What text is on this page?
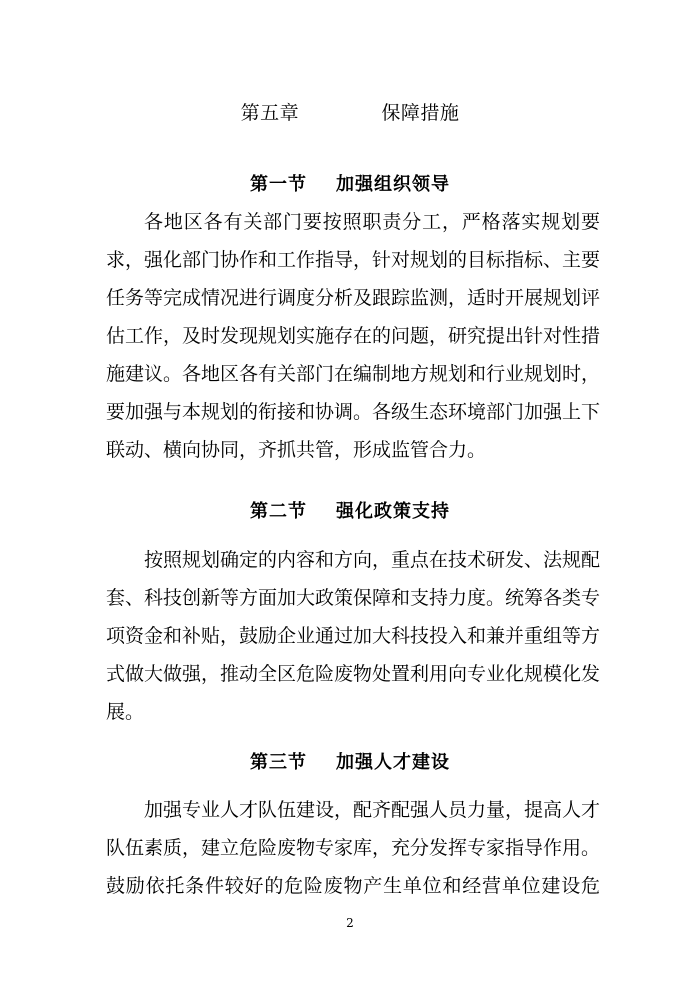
第五章    保障措施
第一节    加强组织领导
各地区各有关部门要按照职责分工，严格落实规划要
求，强化部门协作和工作指导，针对规划的目标指标、主要
任务等完成情况进行调度分析及跟踪监测，适时开展规划评
估工作，及时发现规划实施存在的问题，研究提出针对性措
施建议。各地区各有关部门在编制地方规划和行业规划时，
要加强与本规划的衔接和协调。各级生态环境部门加强上下
联动、横向协同，齐抓共管，形成监管合力。
第二节    强化政策支持
按照规划确定的内容和方向，重点在技术研发、法规配
套、科技创新等方面加大政策保障和支持力度。统筹各类专
项资金和补贴，鼓励企业通过加大科技投入和兼并重组等方
式做大做强，推动全区危险废物处置利用向专业化规模化发
展。
第三节    加强人才建设
加强专业人才队伍建设，配齐配强人员力量，提高人才
队伍素质，建立危险废物专家库，充分发挥专家指导作用。
鼓励依托条件较好的危险废物产生单位和经营单位建设危
2
